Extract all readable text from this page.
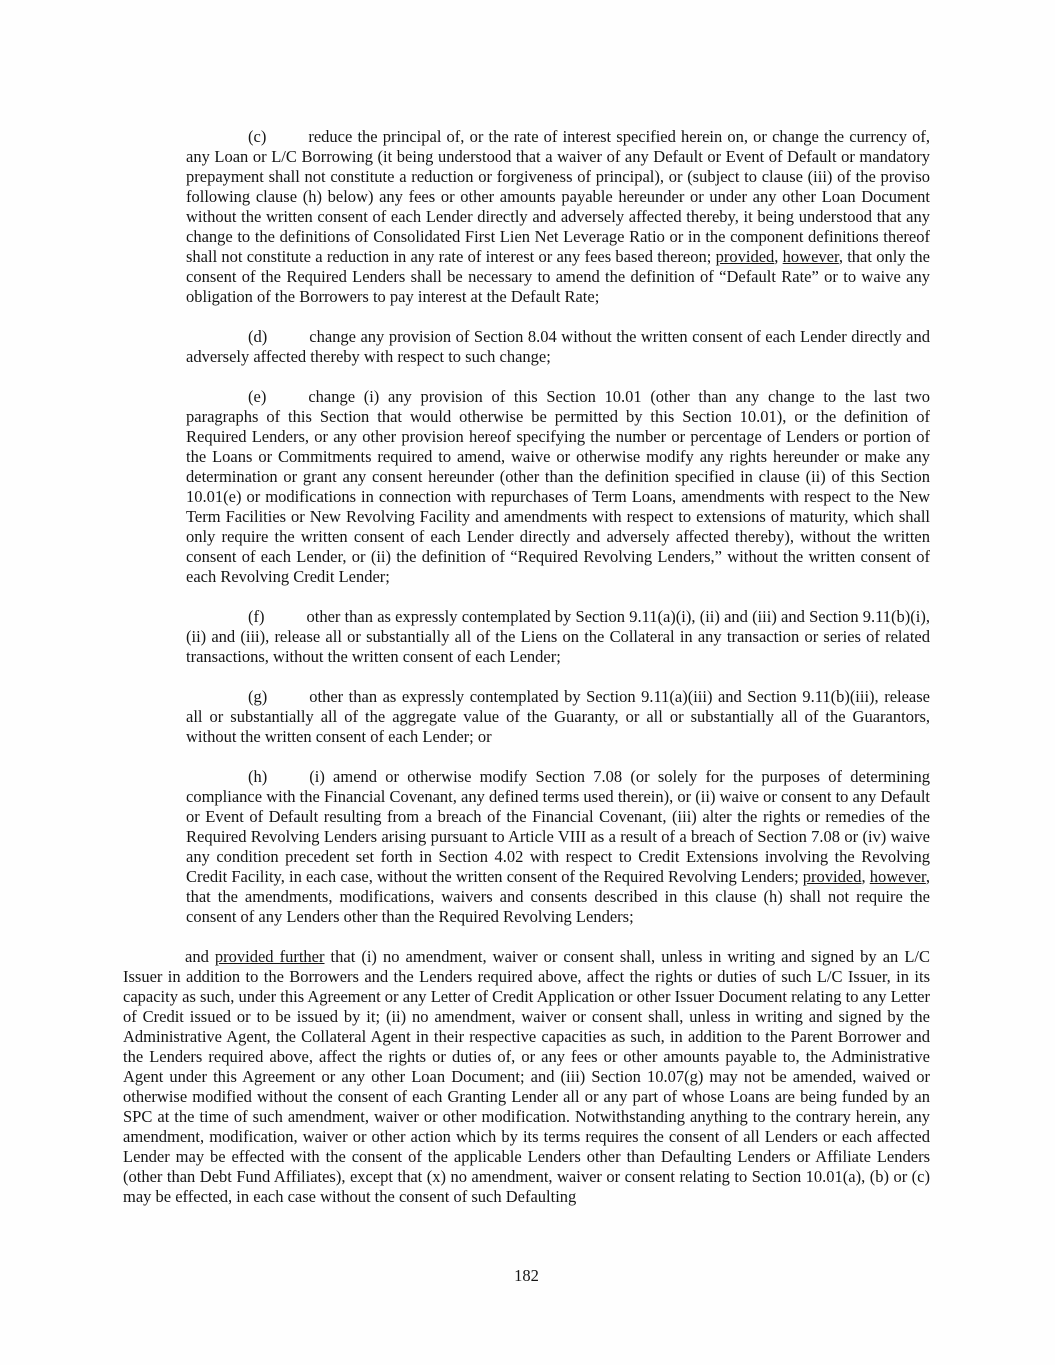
(c)	reduce the principal of, or the rate of interest specified herein on, or change the currency of, any Loan or L/C Borrowing (it being understood that a waiver of any Default or Event of Default or mandatory prepayment shall not constitute a reduction or forgiveness of principal), or (subject to clause (iii) of the proviso following clause (h) below) any fees or other amounts payable hereunder or under any other Loan Document without the written consent of each Lender directly and adversely affected thereby, it being understood that any change to the definitions of Consolidated First Lien Net Leverage Ratio or in the component definitions thereof shall not constitute a reduction in any rate of interest or any fees based thereon; provided, however, that only the consent of the Required Lenders shall be necessary to amend the definition of “Default Rate” or to waive any obligation of the Borrowers to pay interest at the Default Rate;

(d)	change any provision of Section 8.04 without the written consent of each Lender directly and adversely affected thereby with respect to such change;

(e)	change (i) any provision of this Section 10.01 (other than any change to the last two paragraphs of this Section that would otherwise be permitted by this Section 10.01), or the definition of Required Lenders, or any other provision hereof specifying the number or percentage of Lenders or portion of the Loans or Commitments required to amend, waive or otherwise modify any rights hereunder or make any determination or grant any consent hereunder (other than the definition specified in clause (ii) of this Section 10.01(e) or modifications in connection with repurchases of Term Loans, amendments with respect to the New Term Facilities or New Revolving Facility and amendments with respect to extensions of maturity, which shall only require the written consent of each Lender directly and adversely affected thereby), without the written consent of each Lender, or (ii) the definition of “Required Revolving Lenders,” without the written consent of each Revolving Credit Lender;

(f)	other than as expressly contemplated by Section 9.11(a)(i), (ii) and (iii) and Section 9.11(b)(i), (ii) and (iii), release all or substantially all of the Liens on the Collateral in any transaction or series of related transactions, without the written consent of each Lender;

(g)	other than as expressly contemplated by Section 9.11(a)(iii) and Section 9.11(b)(iii), release all or substantially all of the aggregate value of the Guaranty, or all or substantially all of the Guarantors, without the written consent of each Lender; or

(h)	(i) amend or otherwise modify Section 7.08 (or solely for the purposes of determining compliance with the Financial Covenant, any defined terms used therein), or (ii) waive or consent to any Default or Event of Default resulting from a breach of the Financial Covenant, (iii) alter the rights or remedies of the Required Revolving Lenders arising pursuant to Article VIII as a result of a breach of Section 7.08 or (iv) waive any condition precedent set forth in Section 4.02 with respect to Credit Extensions involving the Revolving Credit Facility, in each case, without the written consent of the Required Revolving Lenders; provided, however, that the amendments, modifications, waivers and consents described in this clause (h) shall not require the consent of any Lenders other than the Required Revolving Lenders;

and provided further that (i) no amendment, waiver or consent shall, unless in writing and signed by an L/C Issuer in addition to the Borrowers and the Lenders required above, affect the rights or duties of such L/C Issuer, in its capacity as such, under this Agreement or any Letter of Credit Application or other Issuer Document relating to any Letter of Credit issued or to be issued by it; (ii) no amendment, waiver or consent shall, unless in writing and signed by the Administrative Agent, the Collateral Agent in their respective capacities as such, in addition to the Parent Borrower and the Lenders required above, affect the rights or duties of, or any fees or other amounts payable to, the Administrative Agent under this Agreement or any other Loan Document; and (iii) Section 10.07(g) may not be amended, waived or otherwise modified without the consent of each Granting Lender all or any part of whose Loans are being funded by an SPC at the time of such amendment, waiver or other modification. Notwithstanding anything to the contrary herein, any amendment, modification, waiver or other action which by its terms requires the consent of all Lenders or each affected Lender may be effected with the consent of the applicable Lenders other than Defaulting Lenders or Affiliate Lenders (other than Debt Fund Affiliates), except that (x) no amendment, waiver or consent relating to Section 10.01(a), (b) or (c) may be effected, in each case without the consent of such Defaulting

182
